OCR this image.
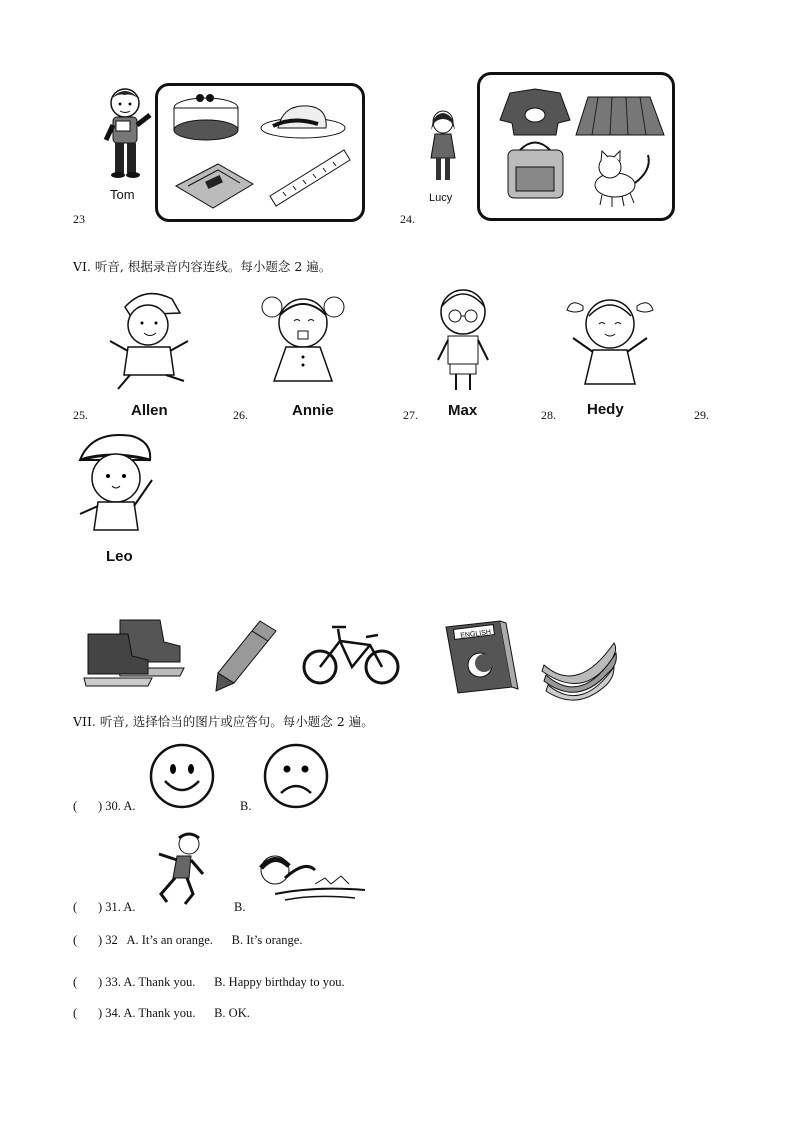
Tom
23
Lucy
24.
VI. 听音, 根据录音内容连线。每小题念 2 遍。
25.	Allen	26.	Annie	27. Max	28. Hedy	29.
Leo
ENGLISH
VII. 听音, 选择恰当的图片或应答句。每小题念 2 遍。
( ) 30. A.	B.
( ) 31. A.	B.
( ) 32   A. It’s an orange.      B. It’s orange.
( ) 33. A. Thank you.      B. Happy birthday to you.
( ) 34. A. Thank you.      B. OK.
